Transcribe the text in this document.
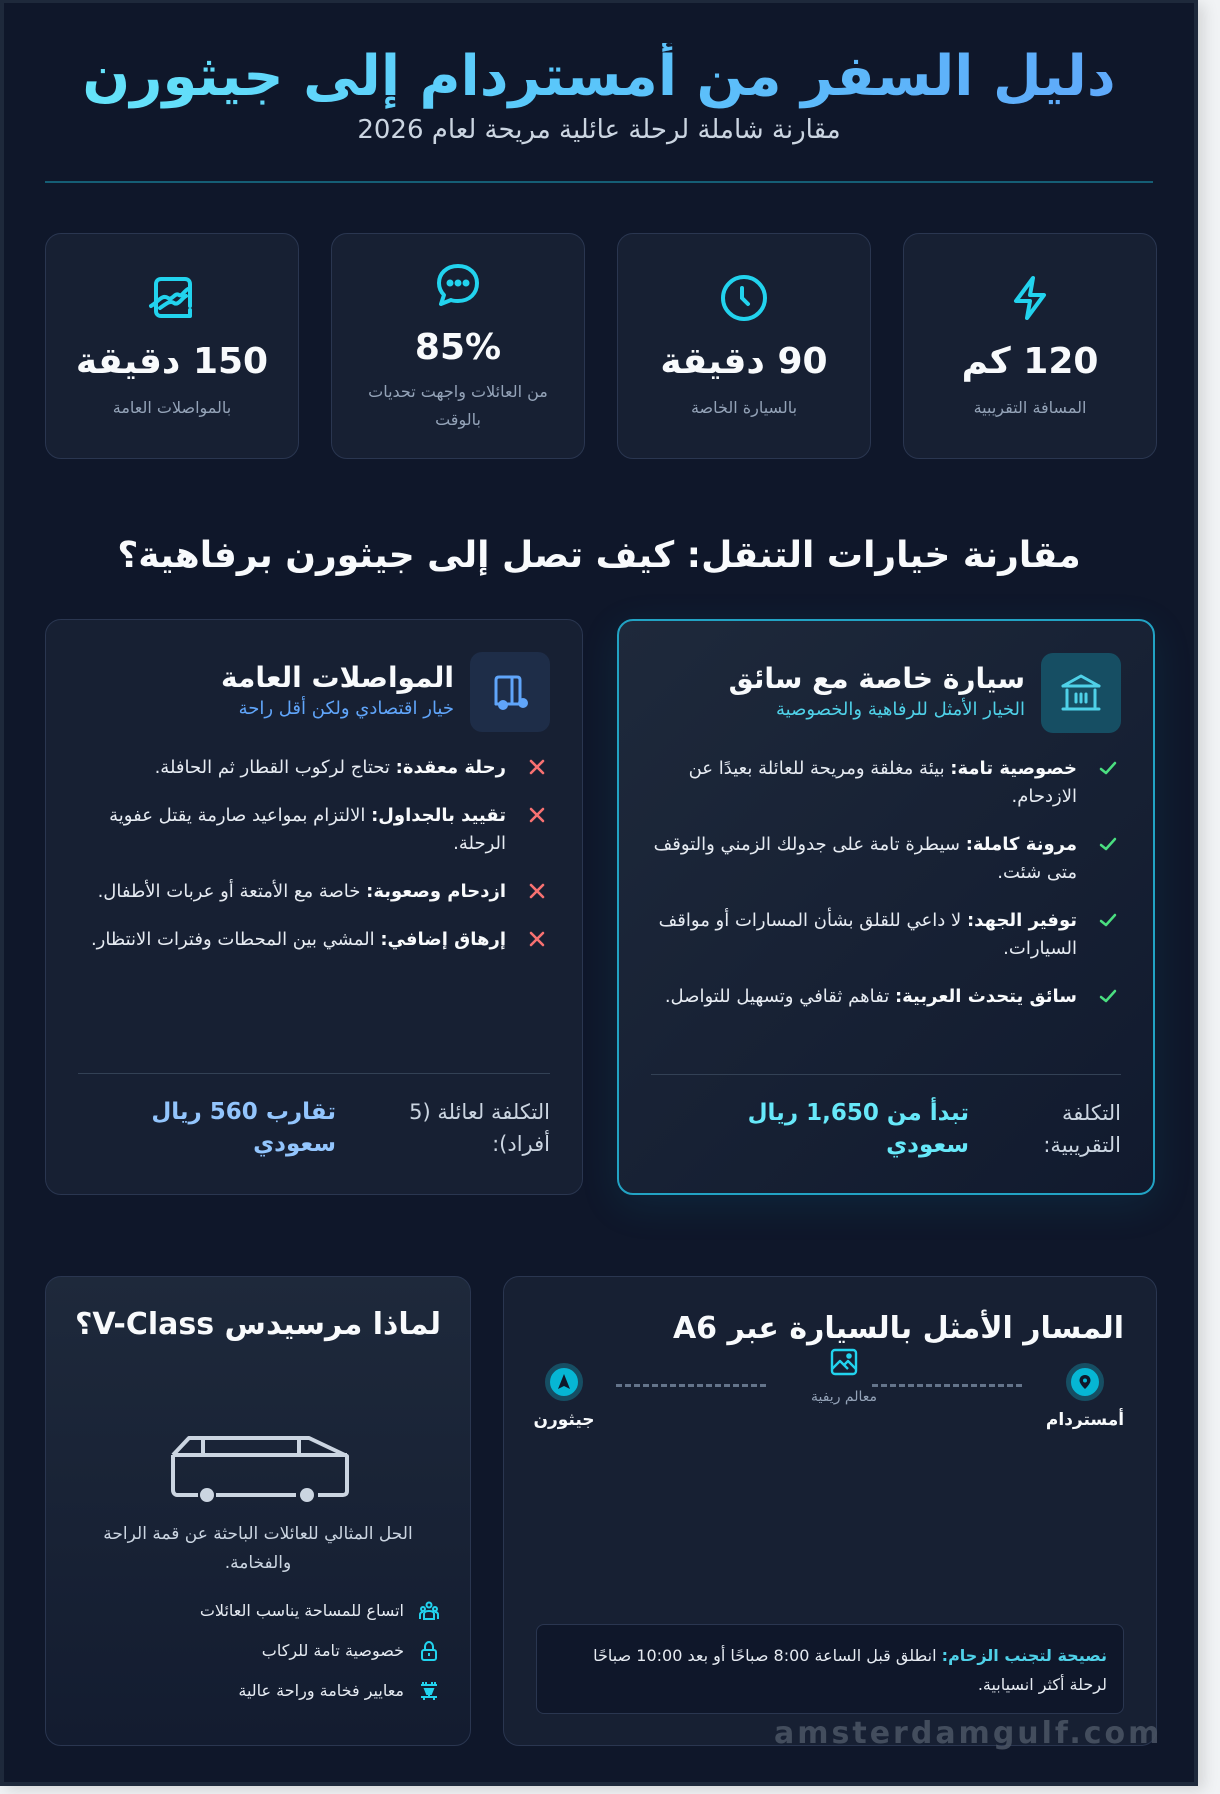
دليل السفر من أمستردام إلى جيثورن
مقارنة شاملة لرحلة عائلية مريحة لعام 2026
120 كم
المسافة التقريبية
90 دقيقة
بالسيارة الخاصة
85%
من العائلات واجهت تحديات بالوقت
150 دقيقة
بالمواصلات العامة
مقارنة خيارات التنقل: كيف تصل إلى جيثورن برفاهية؟
سيارة خاصة مع سائق
الخيار الأمثل للرفاهية والخصوصية
خصوصية تامة: بيئة مغلقة ومريحة للعائلة بعيدًا عن الازدحام.
مرونة كاملة: سيطرة تامة على جدولك الزمني والتوقف متى شئت.
توفير الجهد: لا داعي للقلق بشأن المسارات أو مواقف السيارات.
سائق يتحدث العربية: تفاهم ثقافي وتسهيل للتواصل.
التكلفة التقريبية:
تبدأ من 1,650 ريال سعودي
المواصلات العامة
خيار اقتصادي ولكن أقل راحة
رحلة معقدة: تحتاج لركوب القطار ثم الحافلة.
تقييد بالجداول: الالتزام بمواعيد صارمة يقتل عفوية الرحلة.
ازدحام وصعوبة: خاصة مع الأمتعة أو عربات الأطفال.
إرهاق إضافي: المشي بين المحطات وفترات الانتظار.
التكلفة لعائلة (5 أفراد):
تقارب 560 ريال سعودي
المسار الأمثل بالسيارة عبر A6
أمستردام
معالم ريفية
جيثورن
نصيحة لتجنب الزحام: انطلق قبل الساعة 8:00 صباحًا أو بعد 10:00 صباحًا لرحلة أكثر انسيابية.
لماذا مرسيدس V-Class؟
الحل المثالي للعائلات الباحثة عن قمة الراحة والفخامة.
اتساع للمساحة يناسب العائلات
خصوصية تامة للركاب
معايير فخامة وراحة عالية
amsterdamgulf.com
